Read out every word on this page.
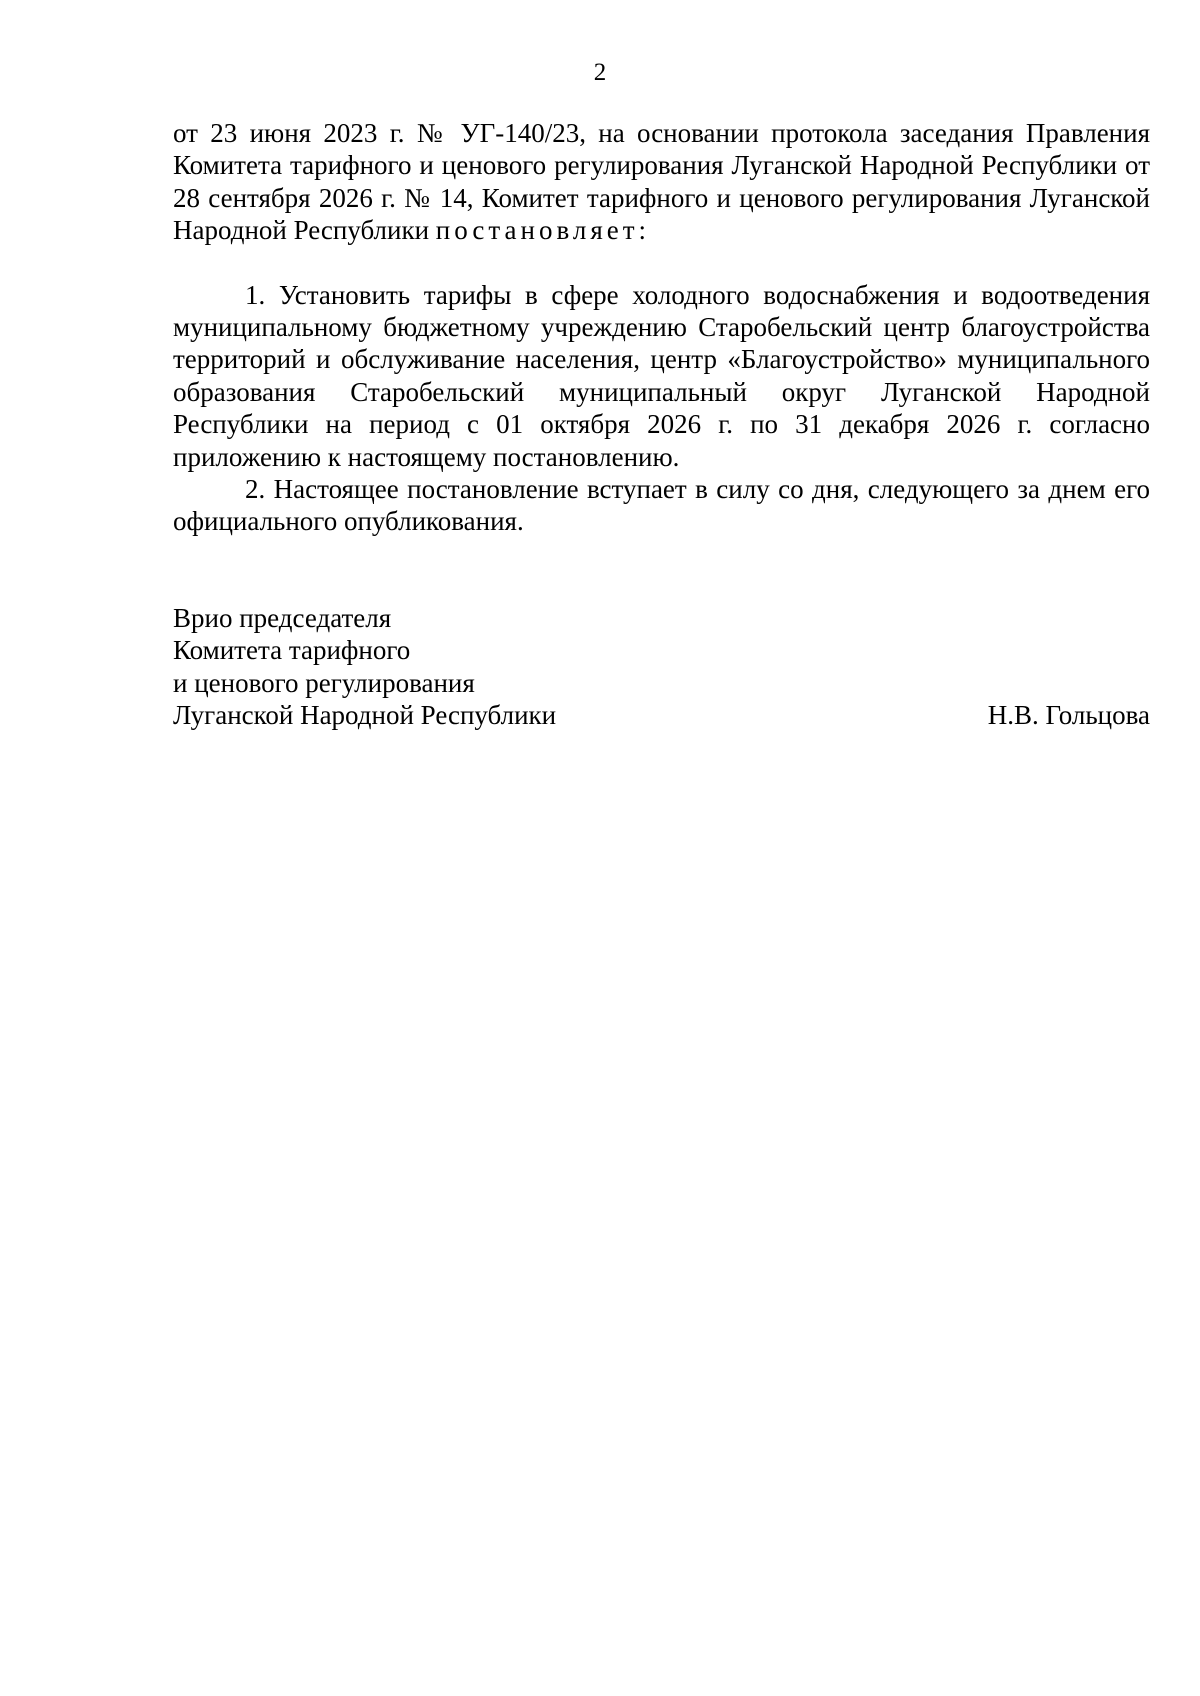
2

от 23 июня 2023 г. № УГ-140/23, на основании протокола заседания Правления Комитета тарифного и ценового регулирования Луганской Народной Республики от 28 сентября 2026 г. № 14, Комитет тарифного и ценового регулирования Луганской Народной Республики постановляет:

1. Установить тарифы в сфере холодного водоснабжения и водоотведения муниципальному бюджетному учреждению Старобельский центр благоустройства территорий и обслуживание населения, центр «Благоустройство» муниципального образования Старобельский муниципальный округ Луганской Народной Республики на период с 01 октября 2026 г. по 31 декабря 2026 г. согласно приложению к настоящему постановлению.

2. Настоящее постановление вступает в силу со дня, следующего за днем его официального опубликования.

Врио председателя
Комитета тарифного
и ценового регулирования
Луганской Народной Республики	Н.В. Гольцова
